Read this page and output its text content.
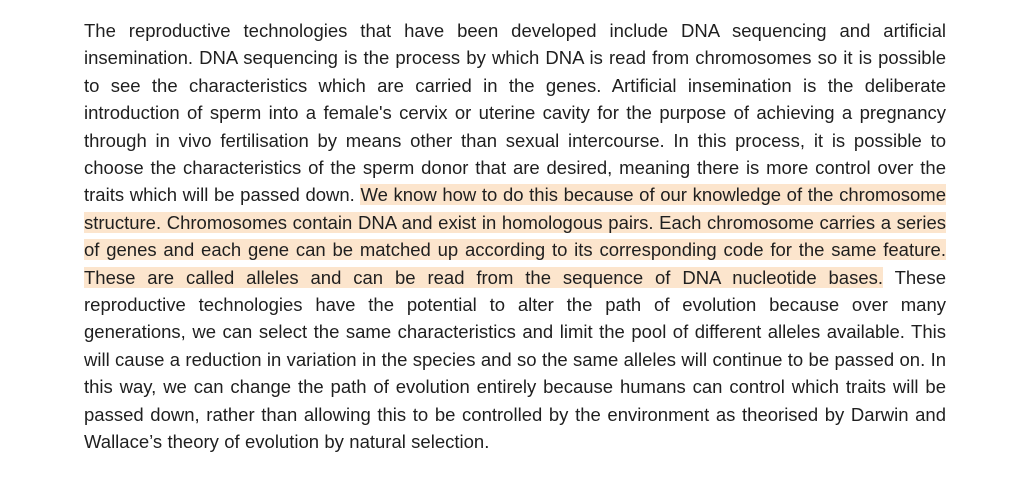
The reproductive technologies that have been developed include DNA sequencing and artificial insemination. DNA sequencing is the process by which DNA is read from chromosomes so it is possible to see the characteristics which are carried in the genes. Artificial insemination is the deliberate introduction of sperm into a female's cervix or uterine cavity for the purpose of achieving a pregnancy through in vivo fertilisation by means other than sexual intercourse. In this process, it is possible to choose the characteristics of the sperm donor that are desired, meaning there is more control over the traits which will be passed down. We know how to do this because of our knowledge of the chromosome structure. Chromosomes contain DNA and exist in homologous pairs. Each chromosome carries a series of genes and each gene can be matched up according to its corresponding code for the same feature. These are called alleles and can be read from the sequence of DNA nucleotide bases. These reproductive technologies have the potential to alter the path of evolution because over many generations, we can select the same characteristics and limit the pool of different alleles available. This will cause a reduction in variation in the species and so the same alleles will continue to be passed on. In this way, we can change the path of evolution entirely because humans can control which traits will be passed down, rather than allowing this to be controlled by the environment as theorised by Darwin and Wallace’s theory of evolution by natural selection.
